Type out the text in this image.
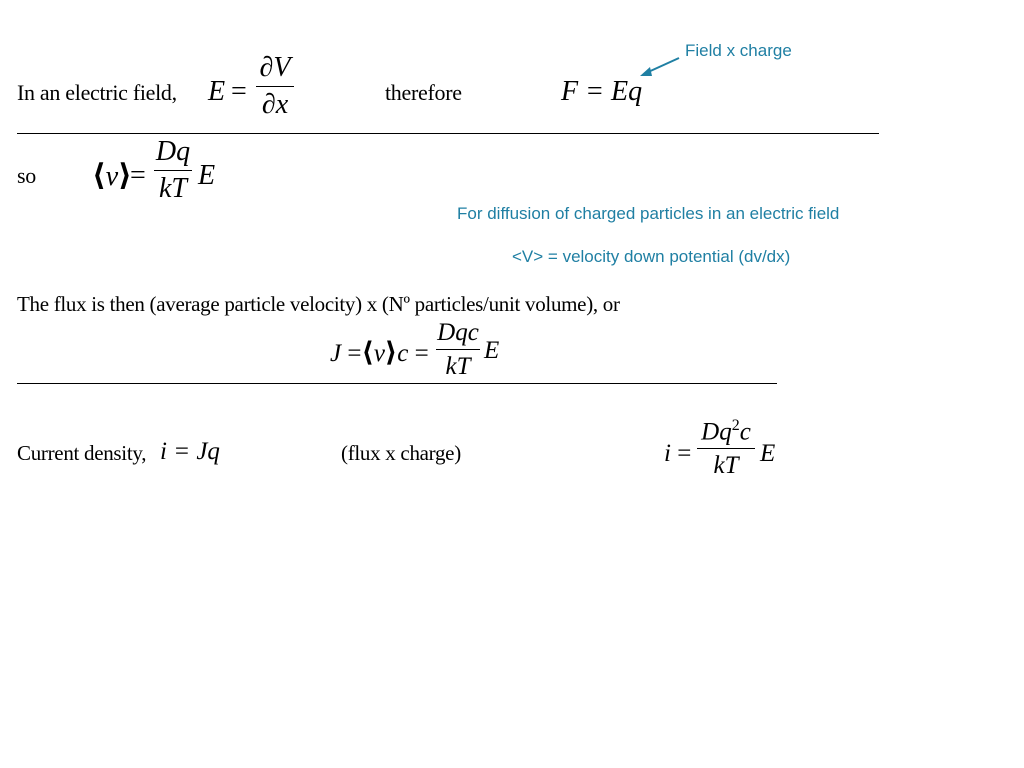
Field x charge
In an electric field, E =
∂V
∂x	therefore	F = Eq
so ⟨v⟩
=
Dq
kT E
For diffusion of charged particles in an electric field
<V> = velocity down potential (dv/dx)
The flux is then (average particle velocity) x (Nº particles/unit volume), or
J =⟨v⟩c =
Dqc
kT
E
Current density, i = Jq	(flux x charge)	i =
$Dq^2c$
kT E
